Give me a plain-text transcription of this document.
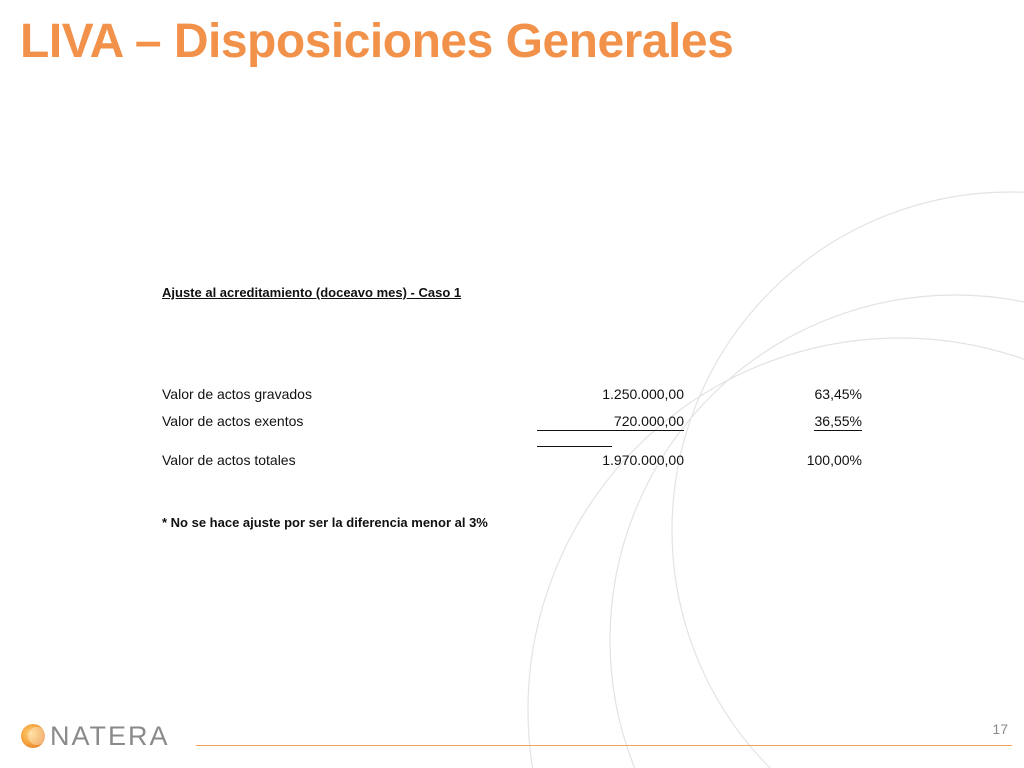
LIVA – Disposiciones Generales
Ajuste al acreditamiento (doceavo mes) - Caso 1
Valor de actos gravados	1.250.000,00	63,45%
Valor de actos exentos	720.000,00	36,55%
Valor de actos totales	1.970.000,00	100,00%
* No se hace ajuste por ser la diferencia menor al 3%
NATERA	17
